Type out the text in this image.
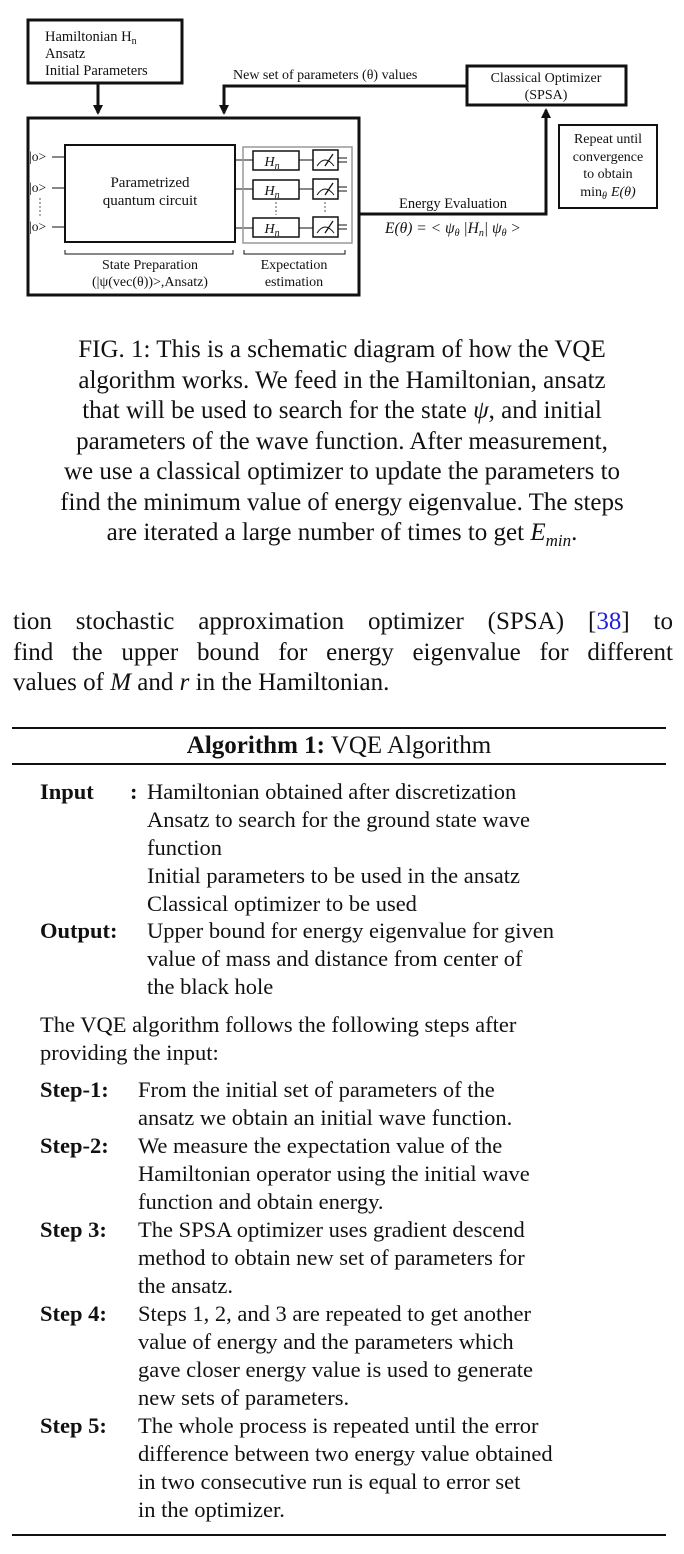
Hamiltonian $H_n$
Ansatz
Initial Parameters	Classical Optimizer
(SPSA)
New set of parameters (θ) values
Repeat until
convergence
to obtain
$\min_\theta E(\theta)$
|o>
|o>
|o>
Parametrized
quantum circuit
$H_n$
$H_n$
$H_n$
State Preparation
(|ψ(vec(θ))>,Ansatz)
Expectation
estimation
Energy Evaluation
E(θ) = < ψθ |Hn| ψθ >
FIG. 1: This is a schematic diagram of how the VQE
algorithm works. We feed in the Hamiltonian, ansatz
that will be used to search for the state ψ, and initial
parameters of the wave function. After measurement,
we use a classical optimizer to update the parameters to
find the minimum value of energy eigenvalue. The steps
are iterated a large number of times to get $E_{min}$.
tion stochastic approximation optimizer (SPSA) [38] to
find the upper bound for energy eigenvalue for different
values of M and r in the Hamiltonian.
Algorithm 1: VQE Algorithm
Input : Hamiltonian obtained after discretization
Ansatz to search for the ground state wave
function
Initial parameters to be used in the ansatz
Classical optimizer to be used
Output: Upper bound for energy eigenvalue for given
value of mass and distance from center of
the black hole
The VQE algorithm follows the following steps after
providing the input:
Step-1: From the initial set of parameters of the
ansatz we obtain an initial wave function.
Step-2: We measure the expectation value of the
Hamiltonian operator using the initial wave
function and obtain energy.
Step 3: The SPSA optimizer uses gradient descend
method to obtain new set of parameters for
the ansatz.
Step 4: Steps 1, 2, and 3 are repeated to get another
value of energy and the parameters which
gave closer energy value is used to generate
new sets of parameters.
Step 5: The whole process is repeated until the error
difference between two energy value obtained
in two consecutive run is equal to error set
in the optimizer.
